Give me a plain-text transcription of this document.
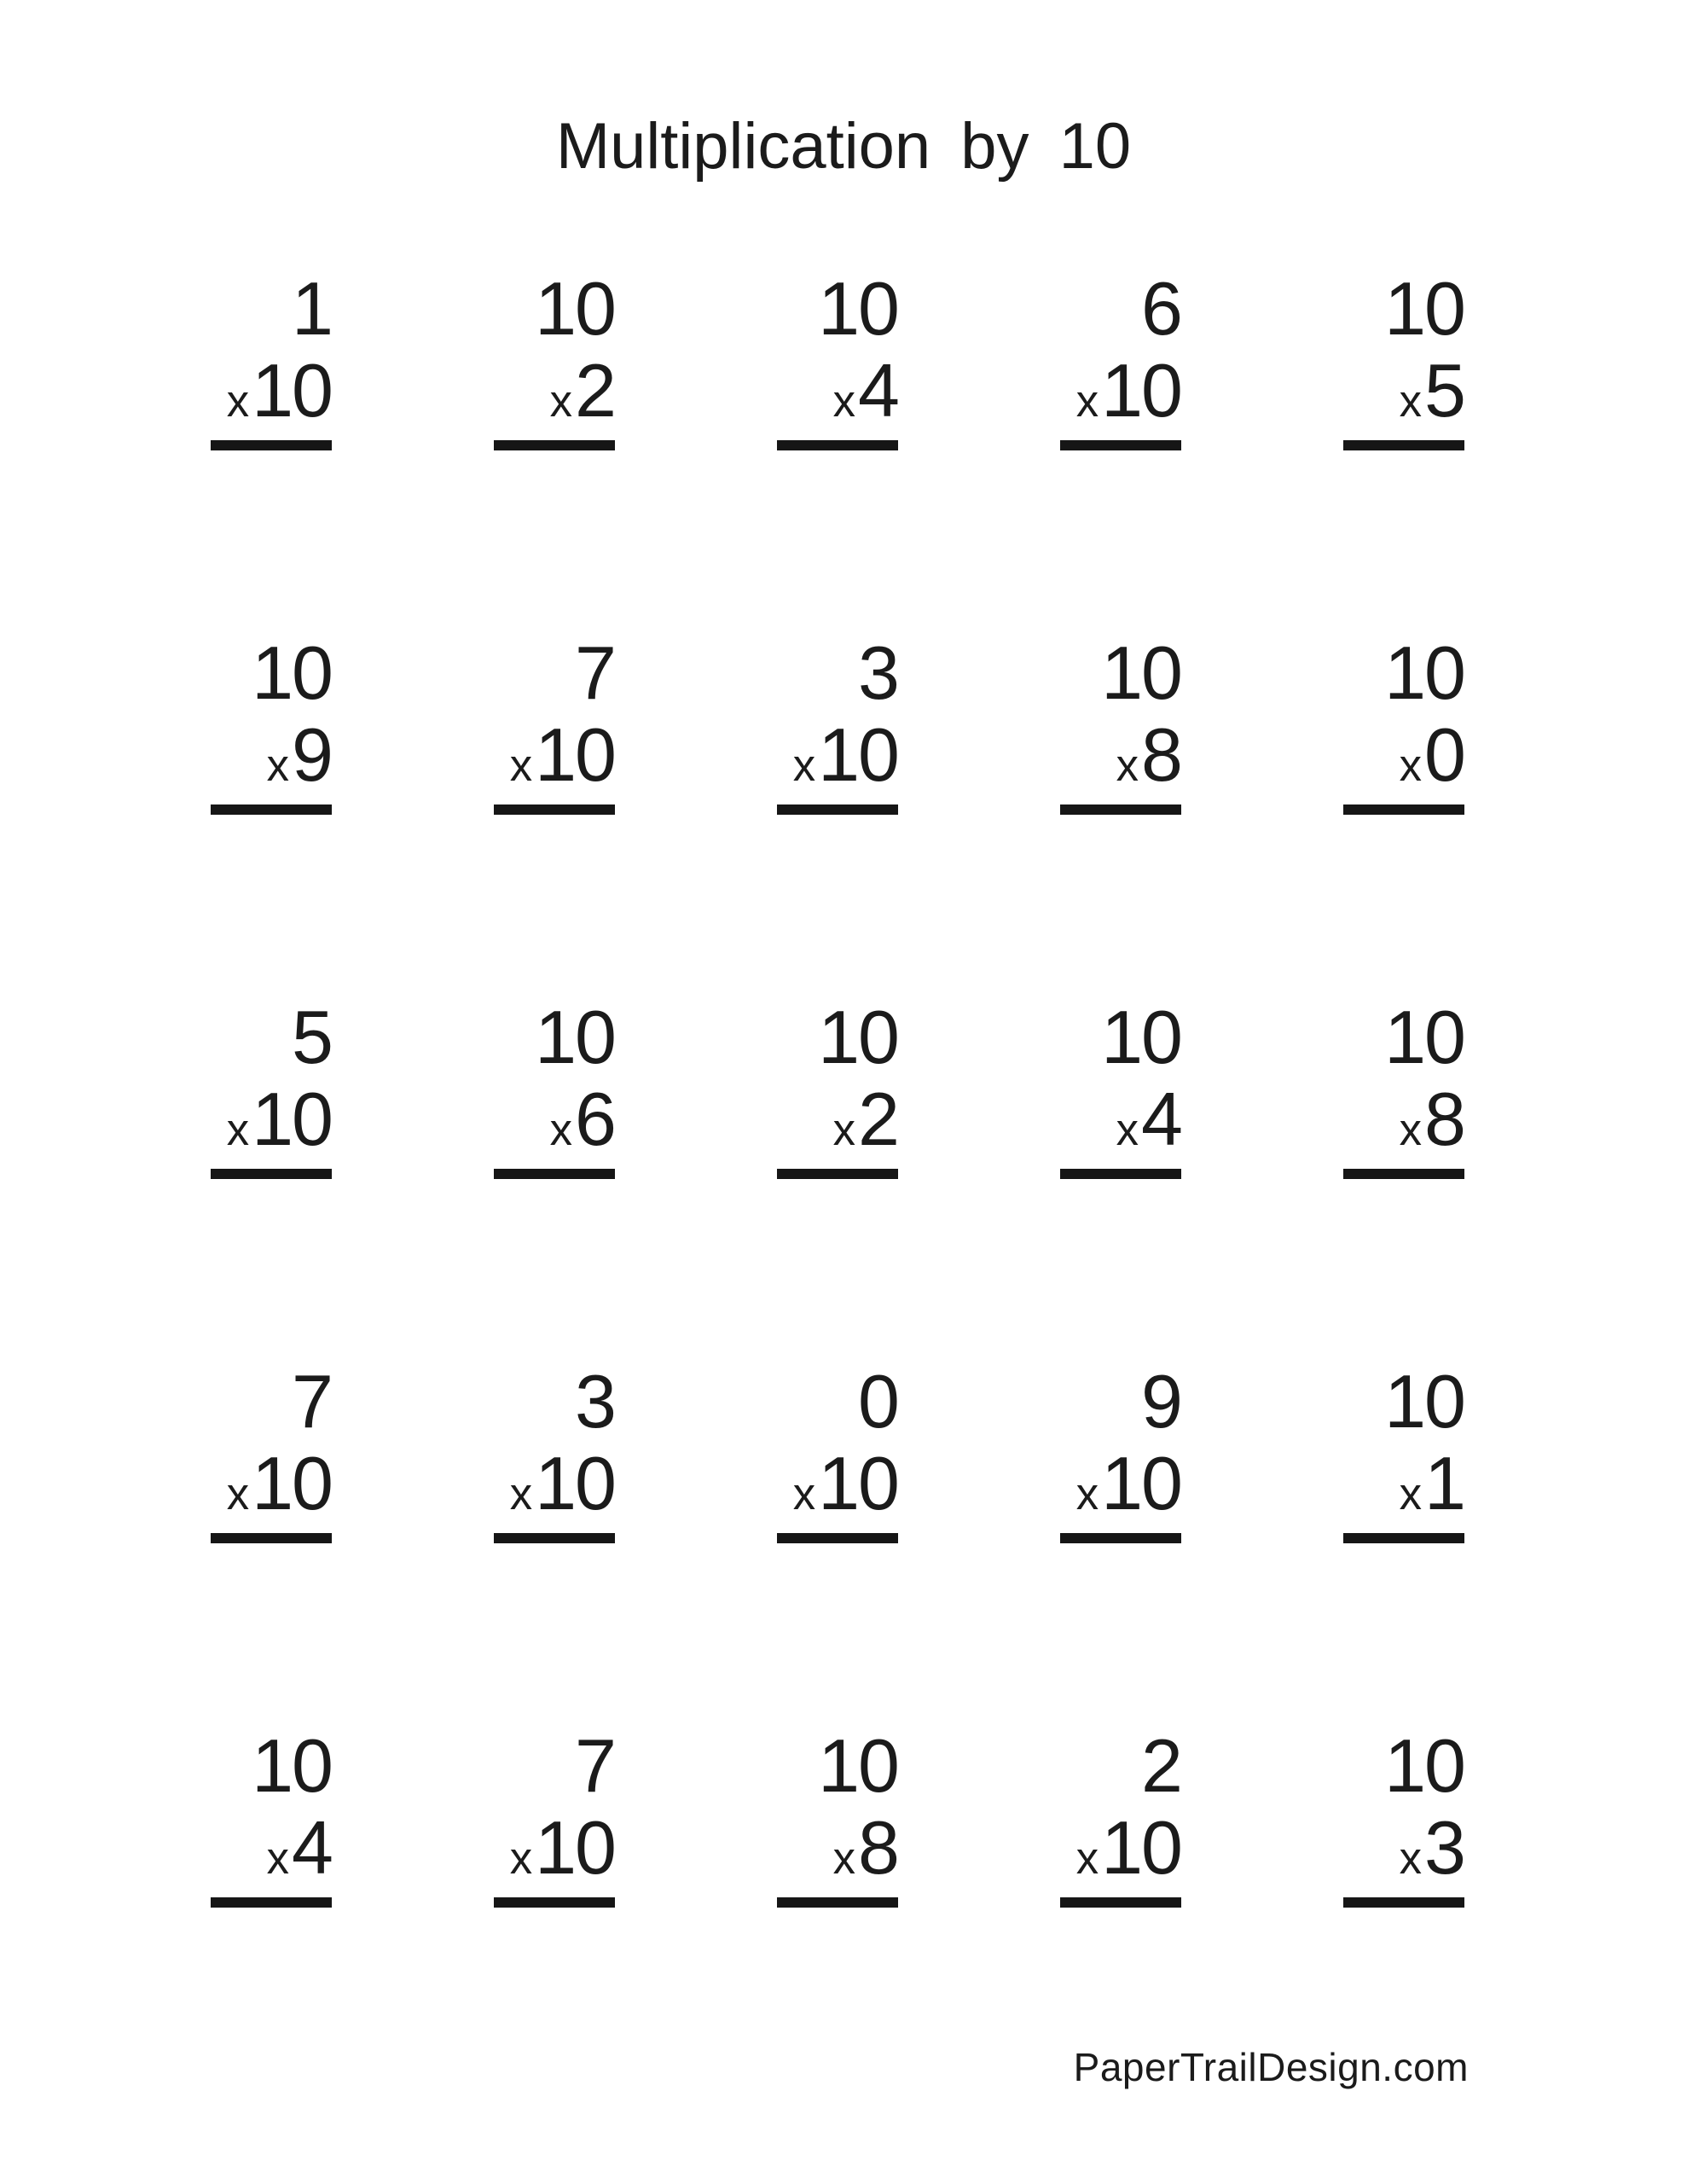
Multiplication by 10
1
x 10
10
x 2
10
x 4
6
x 10
10
x 5
10
x 9
7
x 10
3
x 10
10
x 8
10
x 0
5
x 10
10
x 6
10
x 2
10
x 4
10
x 8
7
x 10
3
x 10
0
x 10
9
x 10
10
x 1
10
x 4
7
x 10
10
x 8
2
x 10
10
x 3
PaperTrailDesign.com
